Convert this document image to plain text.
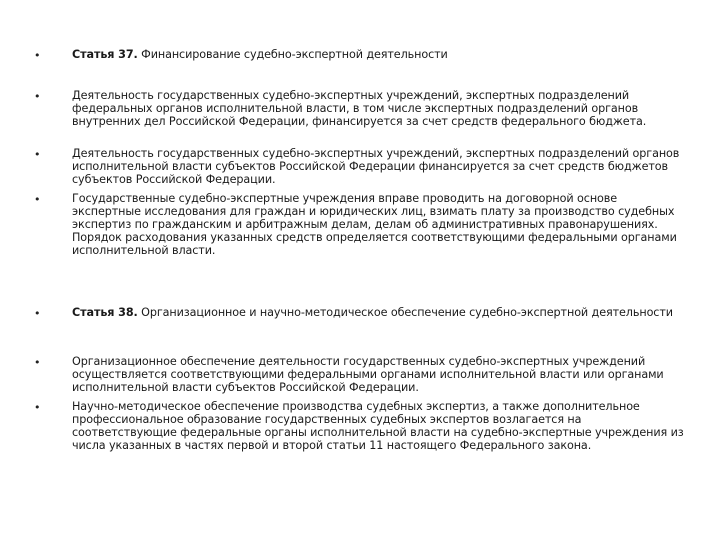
•	Статья 37. Финансирование судебно-экспертной деятельности
•	Деятельность государственных судебно-экспертных учреждений, экспертных подразделений федеральных органов исполнительной власти, в том числе экспертных подразделений органов внутренних дел Российской Федерации, финансируется за счет средств федерального бюджета.
•	Деятельность государственных судебно-экспертных учреждений, экспертных подразделений органов исполнительной власти субъектов Российской Федерации финансируется за счет средств бюджетов субъектов Российской Федерации.
•	Государственные судебно-экспертные учреждения вправе проводить на договорной основе экспертные исследования для граждан и юридических лиц, взимать плату за производство судебных экспертиз по гражданским и арбитражным делам, делам об административных правонарушениях. Порядок расходования указанных средств определяется соответствующими федеральными органами исполнительной власти.
•	Статья 38. Организационное и научно-методическое обеспечение судебно-экспертной деятельности
•	Организационное обеспечение деятельности государственных судебно-экспертных учреждений осуществляется соответствующими федеральными органами исполнительной власти или органами исполнительной власти субъектов Российской Федерации.
•	Научно-методическое обеспечение производства судебных экспертиз, а также дополнительное профессиональное образование государственных судебных экспертов возлагается на соответствующие федеральные органы исполнительной власти на судебно-экспертные учреждения из числа указанных в частях первой и второй статьи 11 настоящего Федерального закона.
